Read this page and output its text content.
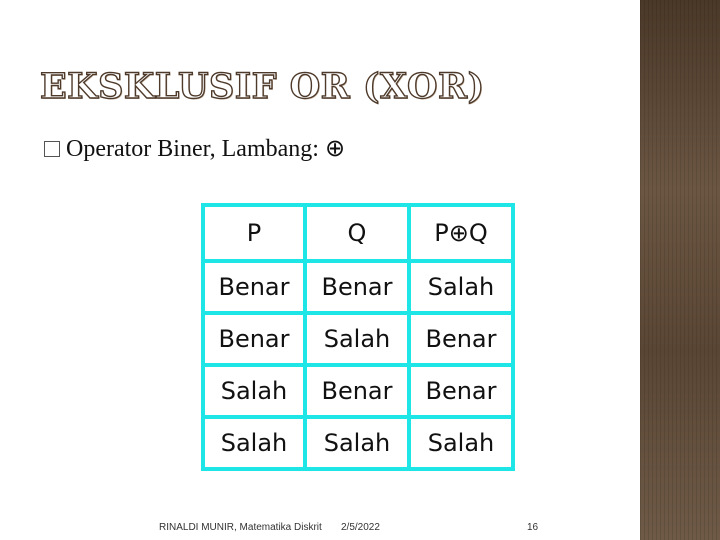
EKSKLUSIF OR (XOR)
Operator Biner, Lambang: ⊕
P	Q	P⊕Q
Benar	Benar	Salah
Benar	Salah	Benar
Salah	Benar	Benar
Salah	Salah	Salah
RINALDI MUNIR, Matematika Diskrit 2/5/2022	16
